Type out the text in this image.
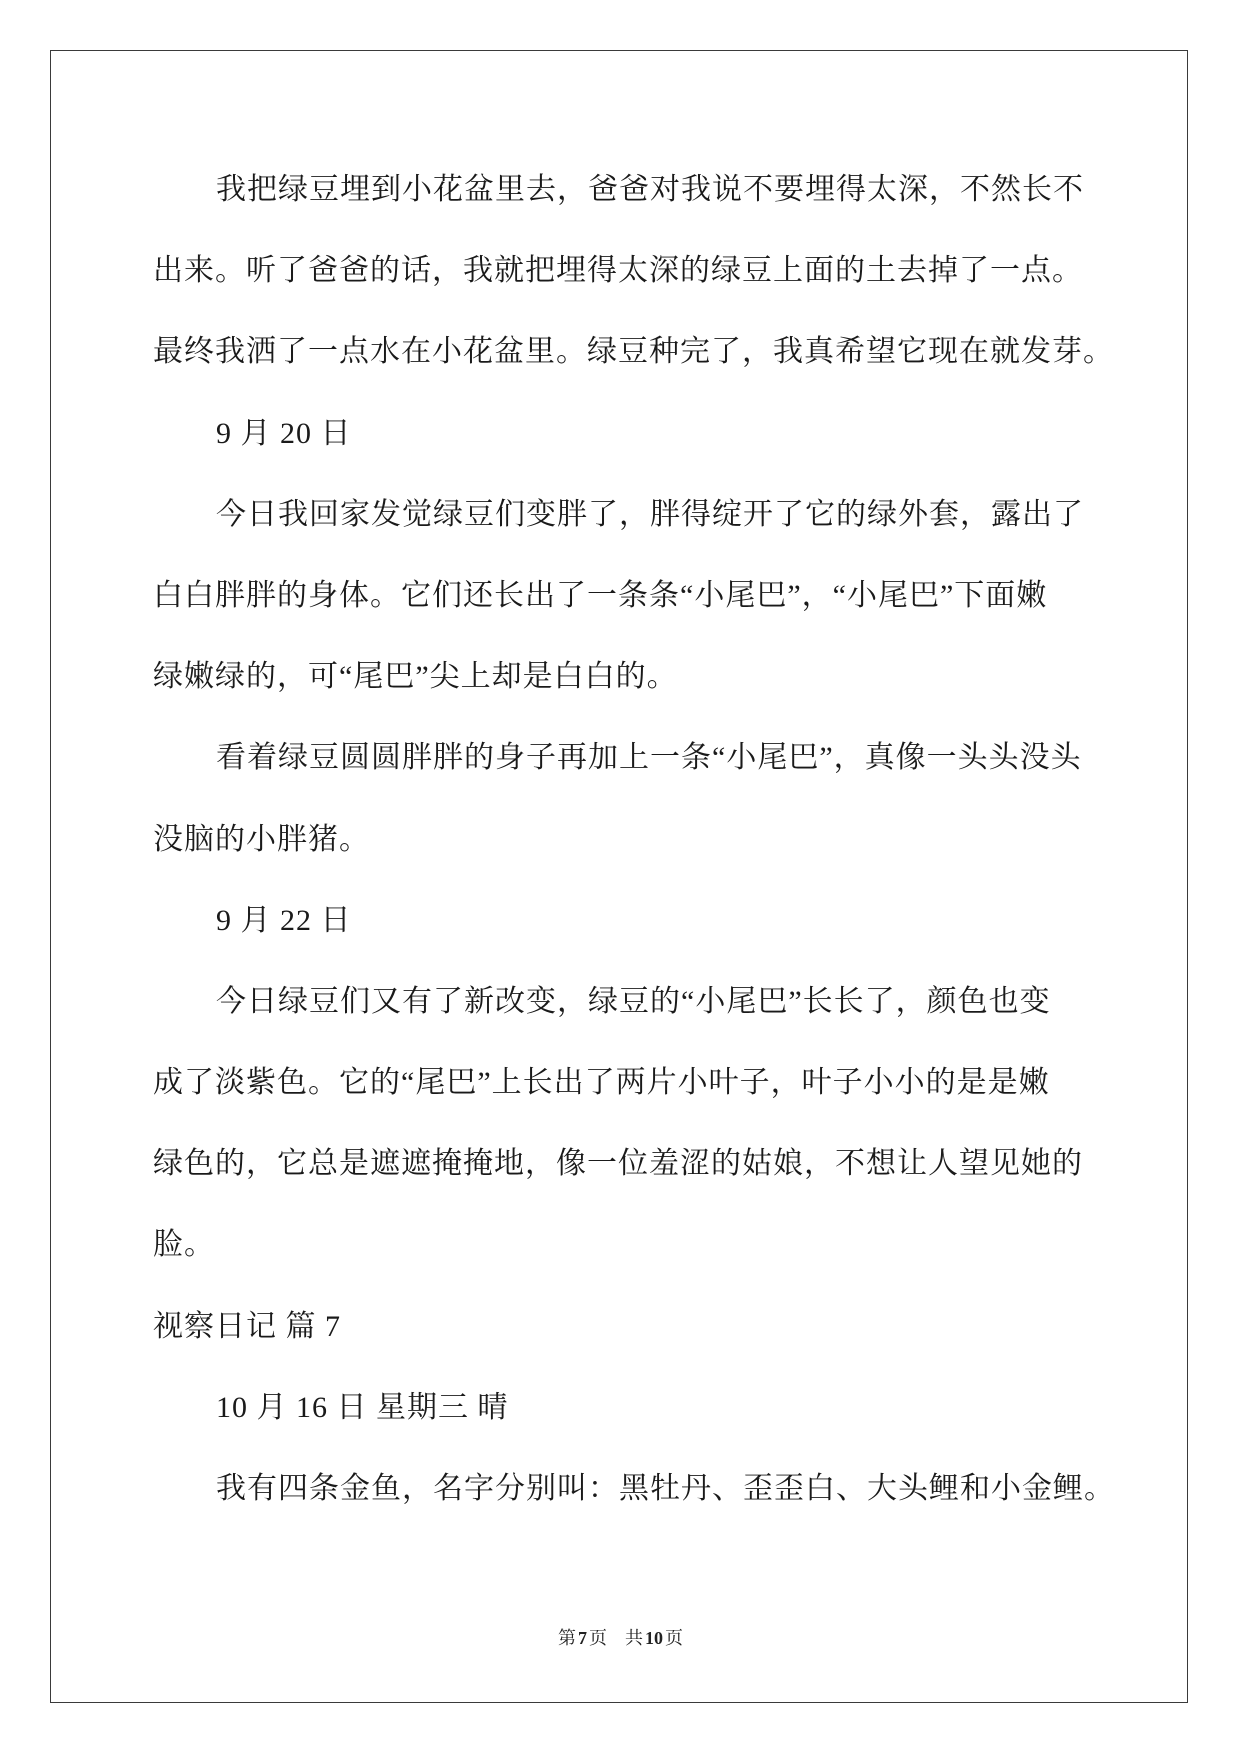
我把绿豆埋到小花盆里去，爸爸对我说不要埋得太深，不然长不
出来。听了爸爸的话，我就把埋得太深的绿豆上面的土去掉了一点。
最终我洒了一点水在小花盆里。绿豆种完了，我真希望它现在就发芽。
9 月 20 日
今日我回家发觉绿豆们变胖了，胖得绽开了它的绿外套，露出了
白白胖胖的身体。它们还长出了一条条“小尾巴”，“小尾巴”下面嫩
绿嫩绿的，可“尾巴”尖上却是白白的。
看着绿豆圆圆胖胖的身子再加上一条“小尾巴”，真像一头头没头
没脑的小胖猪。
9 月 22 日
今日绿豆们又有了新改变，绿豆的“小尾巴”长长了，颜色也变
成了淡紫色。它的“尾巴”上长出了两片小叶子，叶子小小的是是嫩
绿色的，它总是遮遮掩掩地，像一位羞涩的姑娘，不想让人望见她的
脸。
视察日记 篇 7
10 月 16 日 星期三 晴
我有四条金鱼，名字分别叫：黑牡丹、歪歪白、大头鲤和小金鲤。
第 7 页 共 10 页
